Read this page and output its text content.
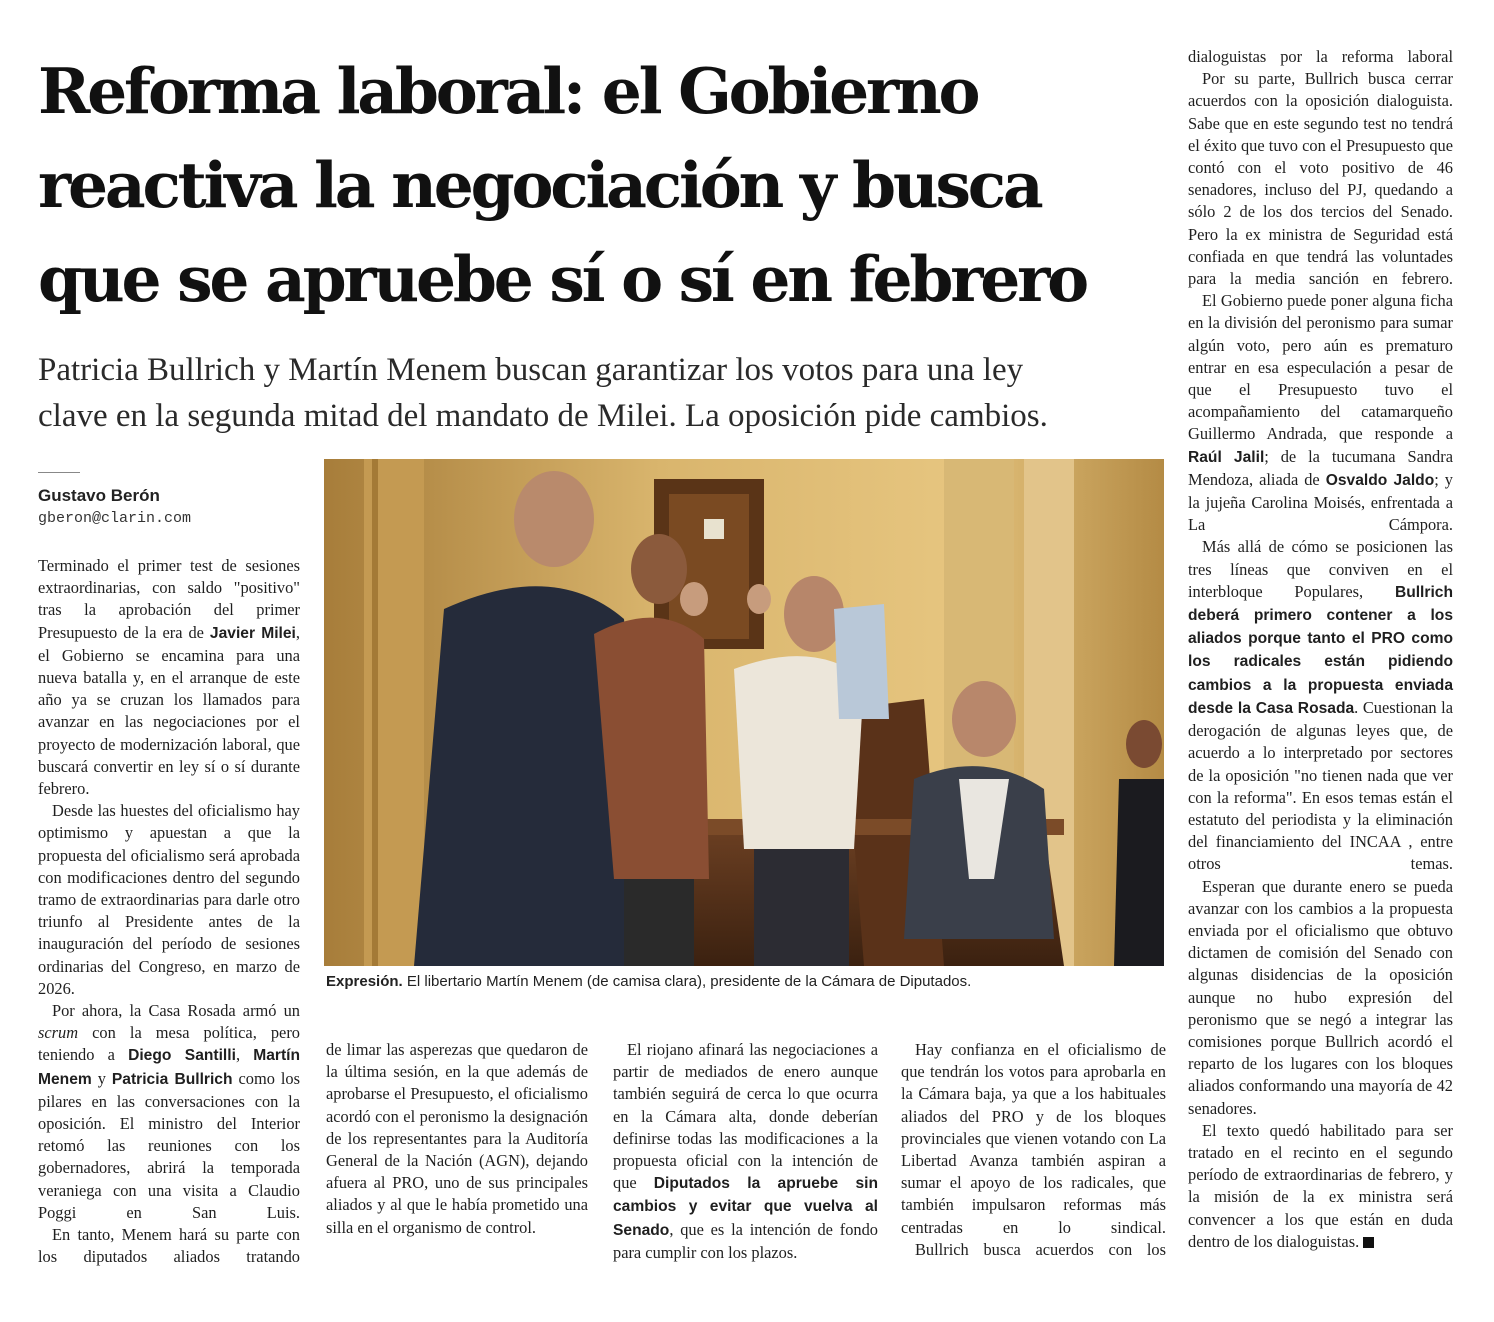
Reforma laboral: el Gobierno
reactiva la negociación y busca
que se apruebe sí o sí en febrero
Patricia Bullrich y Martín Menem buscan garantizar los votos para una ley
clave en la segunda mitad del mandato de Milei. La oposición pide cambios.
Gustavo Berón
gberon@clarin.com

Terminado el primer test de sesiones extraordinarias, con saldo "positivo" tras la aprobación del primer Presupuesto de la era de Javier Milei, el Gobierno se encamina para una nueva batalla y, en el arranque de este año ya se cruzan los llamados para avanzar en las negociaciones por el proyecto de modernización laboral, que buscará convertir en ley sí o sí durante febrero.

Desde las huestes del oficialismo hay optimismo y apuestan a que la propuesta del oficialismo será aprobada con modificaciones dentro del segundo tramo de extraordinarias para darle otro triunfo al Presidente antes de la inauguración del período de sesiones ordinarias del Congreso, en marzo de 2026.

Por ahora, la Casa Rosada armó un scrum con la mesa política, pero teniendo a Diego Santilli, Martín Menem y Patricia Bullrich como los pilares en las conversaciones con la oposición. El ministro del Interior retomó las reuniones con los gobernadores, abrirá la temporada veraniega con una visita a Claudio Poggi en San Luis.

En tanto, Menem hará su parte con los diputados aliados tratando

Expresión. El libertario Martín Menem (de camisa clara), presidente de la Cámara de Diputados.

de limar las asperezas que quedaron de la última sesión, en la que además de aprobarse el Presupuesto, el oficialismo acordó con el peronismo la designación de los representantes para la Auditoría General de la Nación (AGN), dejando afuera al PRO, uno de sus principales aliados y al que le había prometido una silla en el organismo de control.

El riojano afinará las negociaciones a partir de mediados de enero aunque también seguirá de cerca lo que ocurra en la Cámara alta, donde deberían definirse todas las modificaciones a la propuesta oficial con la intención de que Diputados la apruebe sin cambios y evitar que vuelva al Senado, que es la intención de fondo para cumplir con los plazos.

Hay confianza en el oficialismo de que tendrán los votos para aprobarla en la Cámara baja, ya que a los habituales aliados del PRO y de los bloques provinciales que vienen votando con La Libertad Avanza también aspiran a sumar el apoyo de los radicales, que también impulsaron reformas más centradas en lo sindical.

Bullrich busca acuerdos con los

dialoguistas por la reforma laboral

Por su parte, Bullrich busca cerrar acuerdos con la oposición dialoguista. Sabe que en este segundo test no tendrá el éxito que tuvo con el Presupuesto que contó con el voto positivo de 46 senadores, incluso del PJ, quedando a sólo 2 de los dos tercios del Senado. Pero la ex ministra de Seguridad está confiada en que tendrá las voluntades para la media sanción en febrero.

El Gobierno puede poner alguna ficha en la división del peronismo para sumar algún voto, pero aún es prematuro entrar en esa especulación a pesar de que el Presupuesto tuvo el acompañamiento del catamarqueño Guillermo Andrada, que responde a Raúl Jalil; de la tucumana Sandra Mendoza, aliada de Osvaldo Jaldo; y la jujeña Carolina Moisés, enfrentada a La Cámpora.

Más allá de cómo se posicionen las tres líneas que conviven en el interbloque Populares, Bullrich deberá primero contener a los aliados porque tanto el PRO como los radicales están pidiendo cambios a la propuesta enviada desde la Casa Rosada. Cuestionan la derogación de algunas leyes que, de acuerdo a lo interpretado por sectores de la oposición "no tienen nada que ver con la reforma". En esos temas están el estatuto del periodista y la eliminación del financiamiento del INCAA , entre otros temas.

Esperan que durante enero se pueda avanzar con los cambios a la propuesta enviada por el oficialismo que obtuvo dictamen de comisión del Senado con algunas disidencias de la oposición aunque no hubo expresión del peronismo que se negó a integrar las comisiones porque Bullrich acordó el reparto de los lugares con los bloques aliados conformando una mayoría de 42 senadores.

El texto quedó habilitado para ser tratado en el recinto en el segundo período de extraordinarias de febrero, y la misión de la ex ministra será convencer a los que están en duda dentro de los dialoguistas.
